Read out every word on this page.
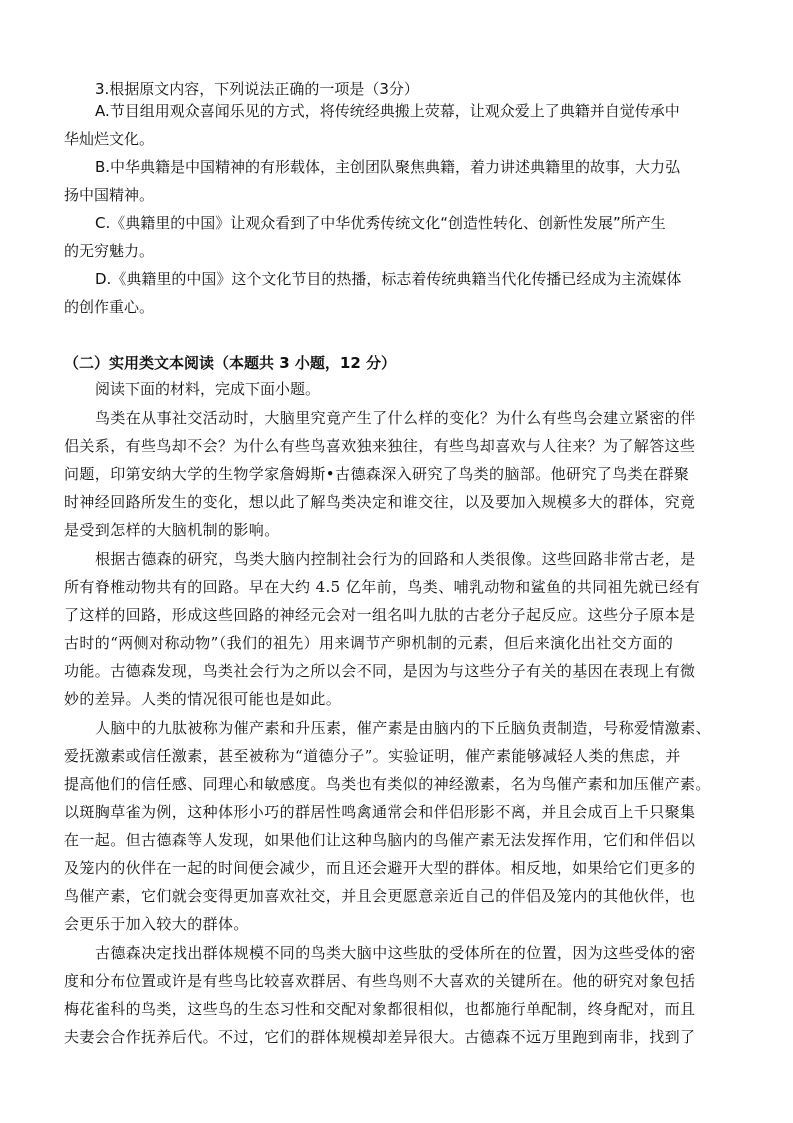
3.根据原文内容，下列说法正确的一项是（3分）
A.节目组用观众喜闻乐见的方式，将传统经典搬上荧幕，让观众爱上了典籍并自觉传承中
华灿烂文化。
B.中华典籍是中国精神的有形载体，主创团队聚焦典籍，着力讲述典籍里的故事，大力弘
扬中国精神。
C.《典籍里的中国》让观众看到了中华优秀传统文化“创造性转化、创新性发展”所产生
的无穷魅力。
D.《典籍里的中国》这个文化节目的热播，标志着传统典籍当代化传播已经成为主流媒体
的创作重心。
（二）实用类文本阅读（本题共 3 小题，12 分）
阅读下面的材料，完成下面小题。
鸟类在从事社交活动时，大脑里究竟产生了什么样的变化？为什么有些鸟会建立紧密的伴
侣关系，有些鸟却不会？为什么有些鸟喜欢独来独往，有些鸟却喜欢与人往来？为了解答这些
问题，印第安纳大学的生物学家詹姆斯•古德森深入研究了鸟类的脑部。他研究了鸟类在群聚
时神经回路所发生的变化，想以此了解鸟类决定和谁交往，以及要加入规模多大的群体，究竟
是受到怎样的大脑机制的影响。
根据古德森的研究，鸟类大脑内控制社会行为的回路和人类很像。这些回路非常古老，是
所有脊椎动物共有的回路。早在大约 4.5 亿年前，鸟类、哺乳动物和鲨鱼的共同祖先就已经有
了这样的回路，形成这些回路的神经元会对一组名叫九肽的古老分子起反应。这些分子原本是
古时的“两侧对称动物”（我们的祖先）用来调节产卵机制的元素，但后来演化出社交方面的
功能。古德森发现，鸟类社会行为之所以会不同，是因为与这些分子有关的基因在表现上有微
妙的差异。人类的情况很可能也是如此。
人脑中的九肽被称为催产素和升压素，催产素是由脑内的下丘脑负责制造，号称爱情激素、
爱抚激素或信任激素，甚至被称为“道德分子”。实验证明，催产素能够减轻人类的焦虑，并
提高他们的信任感、同理心和敏感度。鸟类也有类似的神经激素，名为鸟催产素和加压催产素。
以斑胸草雀为例，这种体形小巧的群居性鸣禽通常会和伴侣形影不离，并且会成百上千只聚集
在一起。但古德森等人发现，如果他们让这种鸟脑内的鸟催产素无法发挥作用，它们和伴侣以
及笼内的伙伴在一起的时间便会减少，而且还会避开大型的群体。相反地，如果给它们更多的
鸟催产素，它们就会变得更加喜欢社交，并且会更愿意亲近自己的伴侣及笼内的其他伙伴，也
会更乐于加入较大的群体。
古德森决定找出群体规模不同的鸟类大脑中这些肽的受体所在的位置，因为这些受体的密
度和分布位置或许是有些鸟比较喜欢群居、有些鸟则不大喜欢的关键所在。他的研究对象包括
梅花雀科的鸟类，这些鸟的生态习性和交配对象都很相似，也都施行单配制，终身配对，而且
夫妻会合作抚养后代。不过，它们的群体规模却差异很大。古德森不远万里跑到南非，找到了
